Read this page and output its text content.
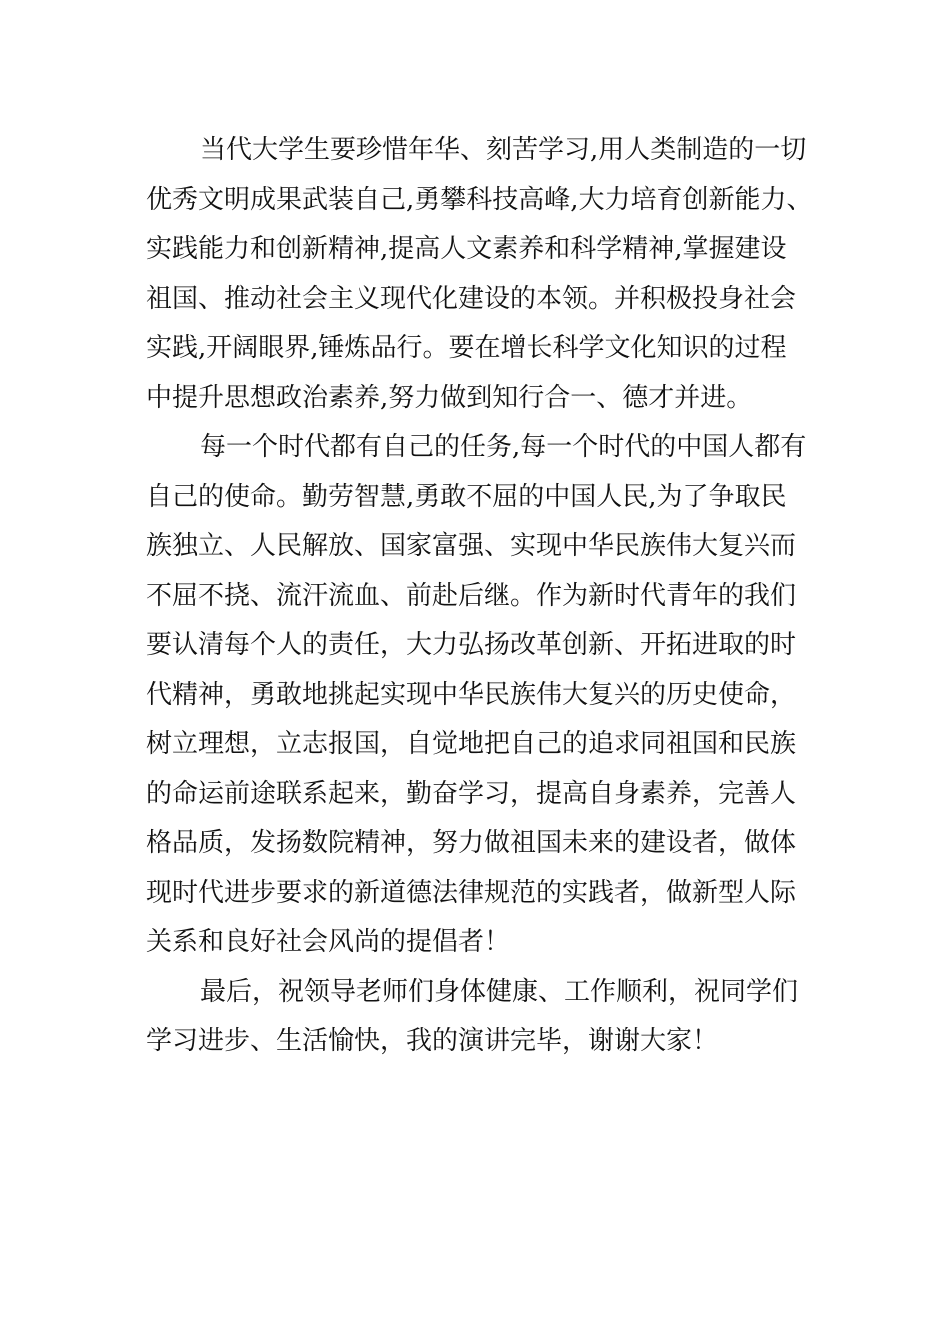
当代大学生要珍惜年华、刻苦学习,用人类制造的一切
优秀文明成果武装自己,勇攀科技高峰,大力培育创新能力、
实践能力和创新精神,提高人文素养和科学精神,掌握建设
祖国、推动社会主义现代化建设的本领。并积极投身社会
实践,开阔眼界,锤炼品行。要在增长科学文化知识的过程
中提升思想政治素养,努力做到知行合一、德才并进。
每一个时代都有自己的任务,每一个时代的中国人都有
自己的使命。勤劳智慧,勇敢不屈的中国人民,为了争取民
族独立、人民解放、国家富强、实现中华民族伟大复兴而
不屈不挠、流汗流血、前赴后继。作为新时代青年的我们
要认清每个人的责任，大力弘扬改革创新、开拓进取的时
代精神，勇敢地挑起实现中华民族伟大复兴的历史使命，
树立理想，立志报国，自觉地把自己的追求同祖国和民族
的命运前途联系起来，勤奋学习，提高自身素养，完善人
格品质，发扬数院精神，努力做祖国未来的建设者，做体
现时代进步要求的新道德法律规范的实践者，做新型人际
关系和良好社会风尚的提倡者！
最后，祝领导老师们身体健康、工作顺利，祝同学们
学习进步、生活愉快，我的演讲完毕，谢谢大家！
